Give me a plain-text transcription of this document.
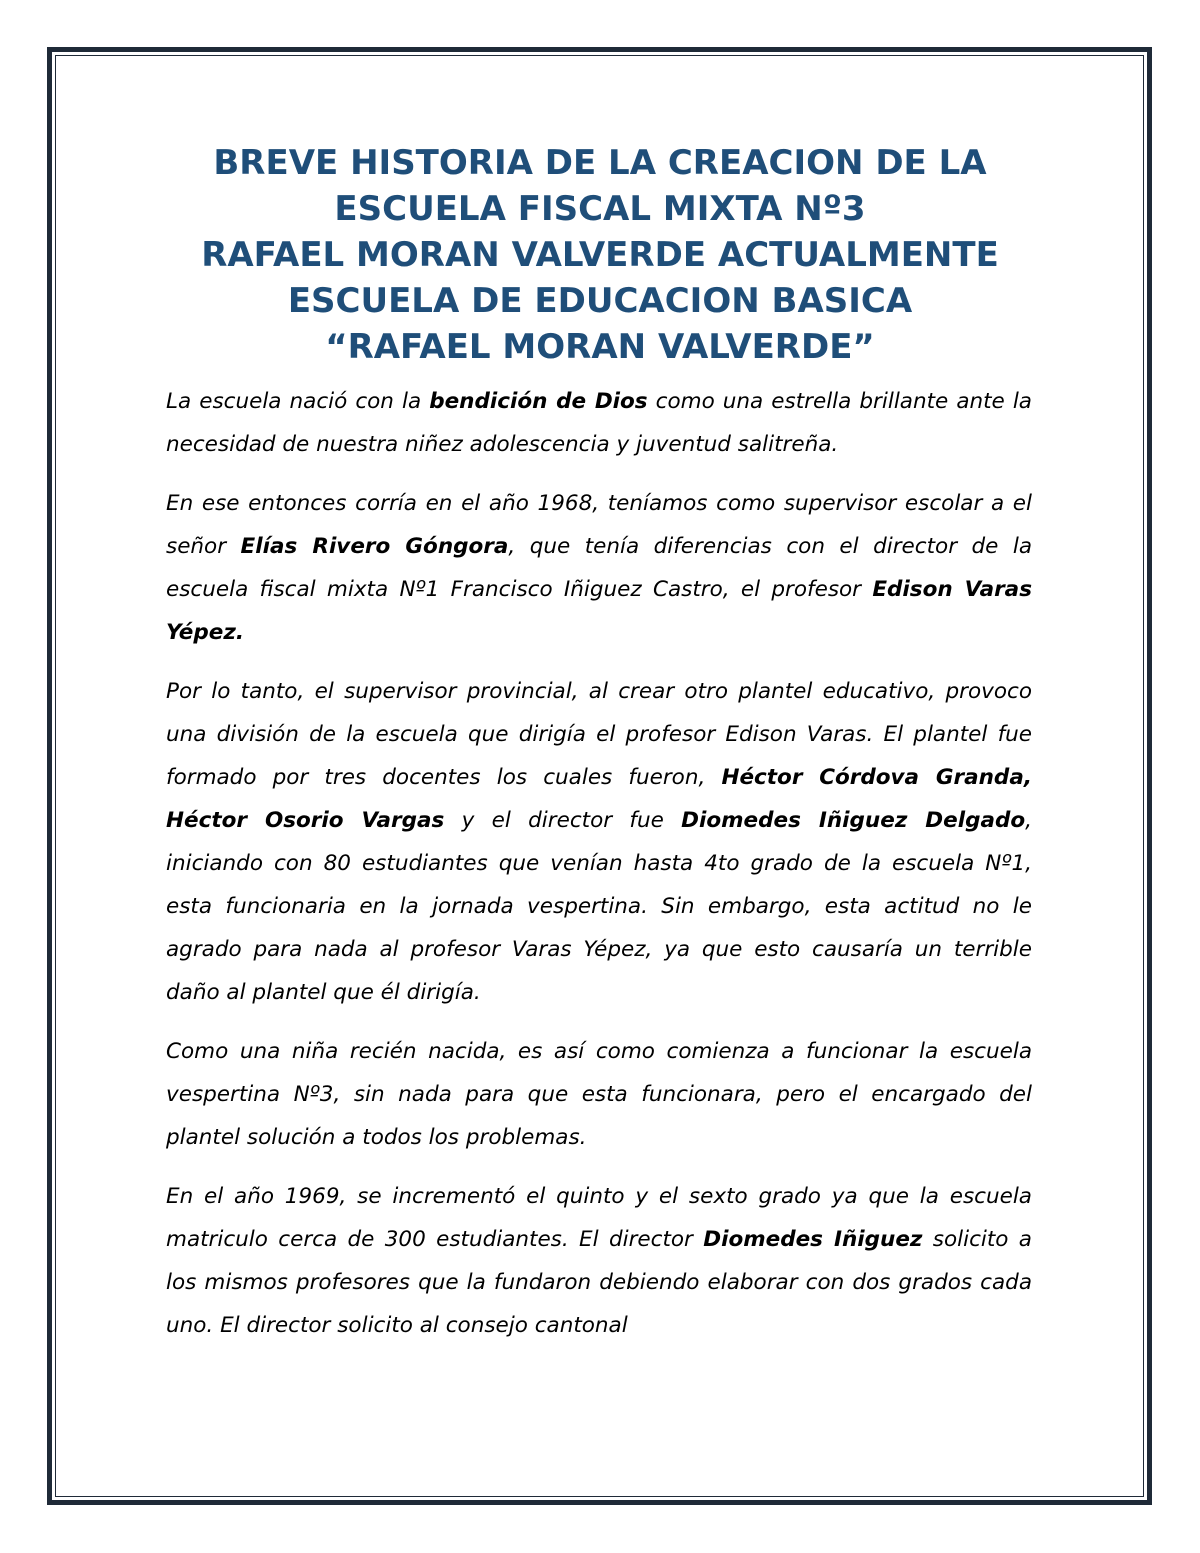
BREVE HISTORIA DE LA CREACION DE LA
ESCUELA FISCAL MIXTA Nº3
RAFAEL MORAN VALVERDE ACTUALMENTE
ESCUELA DE EDUCACION BASICA
“RAFAEL MORAN VALVERDE”

La escuela nació con la bendición de Dios como una estrella brillante ante la necesidad de nuestra niñez adolescencia y juventud salitreña.

En ese entonces corría en el año 1968, teníamos como supervisor escolar a el señor Elías Rivero Góngora, que tenía diferencias con el director de la escuela fiscal mixta Nº1 Francisco Iñiguez Castro, el profesor Edison Varas Yépez.

Por lo tanto, el supervisor provincial, al crear otro plantel educativo, provoco una división de la escuela que dirigía el profesor Edison Varas. El plantel fue formado por tres docentes los cuales fueron, Héctor Córdova Granda, Héctor Osorio Vargas y el director fue Diomedes Iñiguez Delgado, iniciando con 80 estudiantes que venían hasta 4to grado de la escuela Nº1, esta funcionaria en la jornada vespertina. Sin embargo, esta actitud no le agrado para nada al profesor Varas Yépez, ya que esto causaría un terrible daño al plantel que él dirigía.

Como una niña recién nacida, es así como comienza a funcionar la escuela vespertina Nº3, sin nada para que esta funcionara, pero el encargado del plantel solución a todos los problemas.

En el año 1969, se incrementó el quinto y el sexto grado ya que la escuela matriculo cerca de 300 estudiantes. El director Diomedes Iñiguez solicito a los mismos profesores que la fundaron debiendo elaborar con dos grados cada uno. El director solicito al consejo cantonal
